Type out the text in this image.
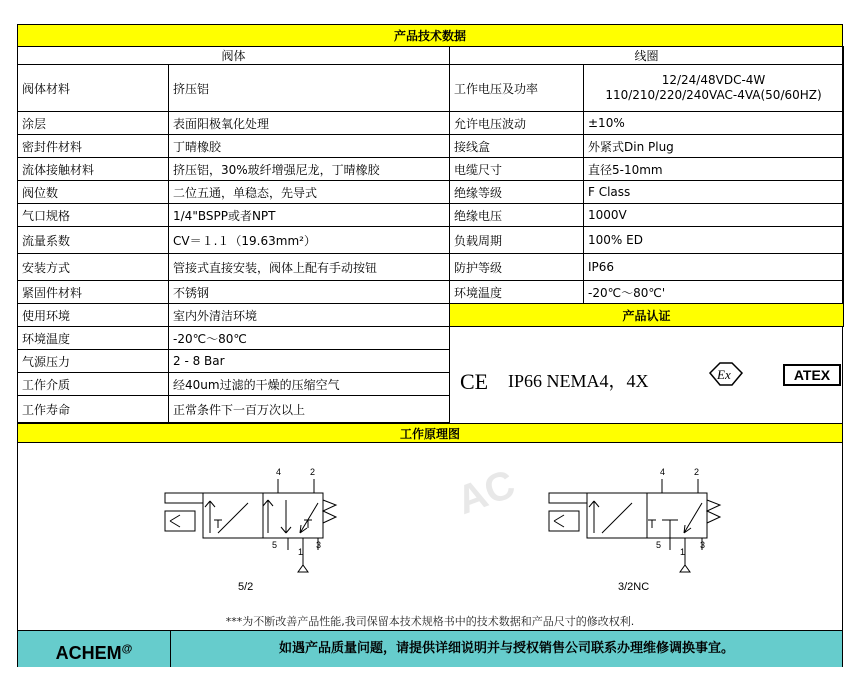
产品技术数据
阀体	
阀体材料	挤压铝
涂层	表面阳极氧化处理
密封件材料	丁晴橡胶
流体接触材料	挤压铝，30%玻纤增强尼龙，丁晴橡胶
阀位数	二位五通，单稳态，先导式
气口规格	1/4"BSPP或者NPT
流量系数	CV＝１.１（19.63mm²）
安装方式	管接式直接安装，阀体上配有手动按钮
紧固件材料	不锈钢
使用环境	室内外清洁环境
环境温度	-20℃～80℃
气源压力	2 - 8 Bar
工作介质	经40um过滤的干燥的压缩空气
工作寿命	正常条件下一百万次以上
线圈	
工作电压及功率	12/24/48VDC-4W
110/210/220/240VAC-4VA(50/60HZ)

允许电压波动	±10%
接线盒	外紧式Din Plug
电缆尺寸	直径5-10mm
绝缘等级	F Class
绝缘电压	1000V
负载周期	100% ED
防护等级	IP66
环境温度	-20℃～80℃'
产品认证	
CE IP66 NEMA4，4X	Ex	ATEX
工作原理图
AC
4	2
5
1
3
5/2
4	2
5
1
3
3/2NC
***为不断改善产品性能,我司保留本技术规格书中的技术数据和产品尺寸的修改权利.
ACHEM@	如遇产品质量问题，请提供详细说明并与授权销售公司联系办理维修调换事宜。
